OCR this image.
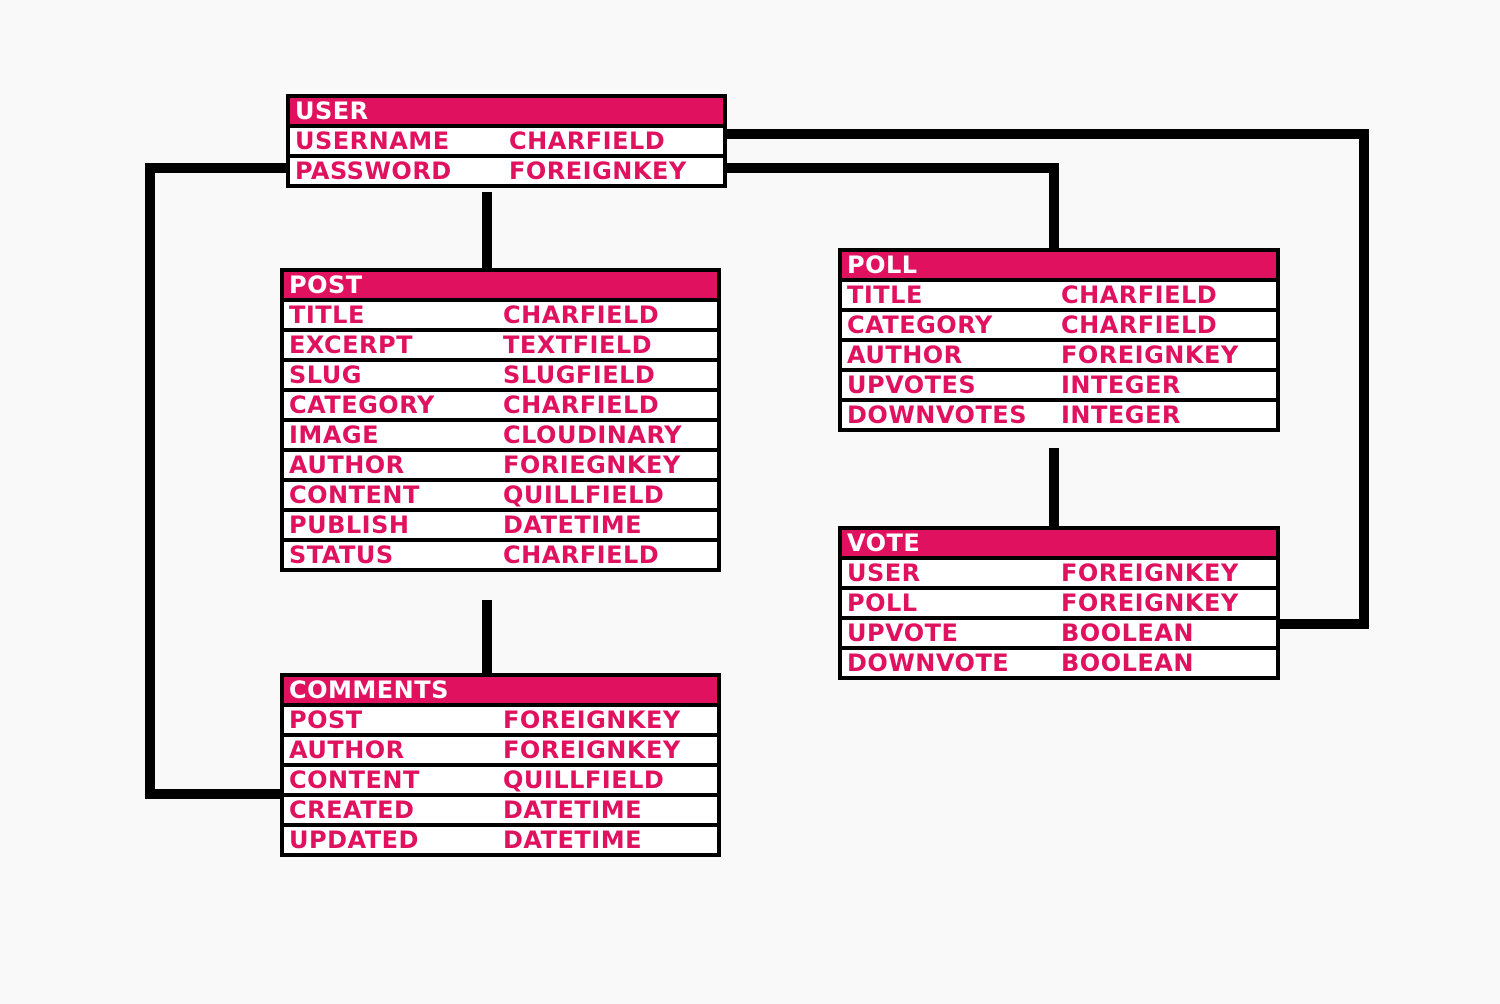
USER
USERNAME CHARFIELD
PASSWORD FOREIGNKEY
POST
TITLE	CHARFIELD
EXCERPT	TEXTFIELD
SLUG	SLUGFIELD
CATEGORY	CHARFIELD
IMAGE	CLOUDINARY
AUTHOR	FORIEGNKEY
CONTENT	QUILLFIELD
PUBLISH	DATETIME
STATUS	CHARFIELD
COMMENTS
POST	FOREIGNKEY
AUTHOR	FOREIGNKEY
CONTENT	QUILLFIELD
CREATED	DATETIME
UPDATED	DATETIME
POLL
TITLE	CHARFIELD
CATEGORY	CHARFIELD
AUTHOR	FOREIGNKEY
UPVOTES	INTEGER
DOWNVOTES INTEGER
VOTE
USER	FOREIGNKEY
POLL	FOREIGNKEY
UPVOTE	BOOLEAN
DOWNVOTE BOOLEAN
